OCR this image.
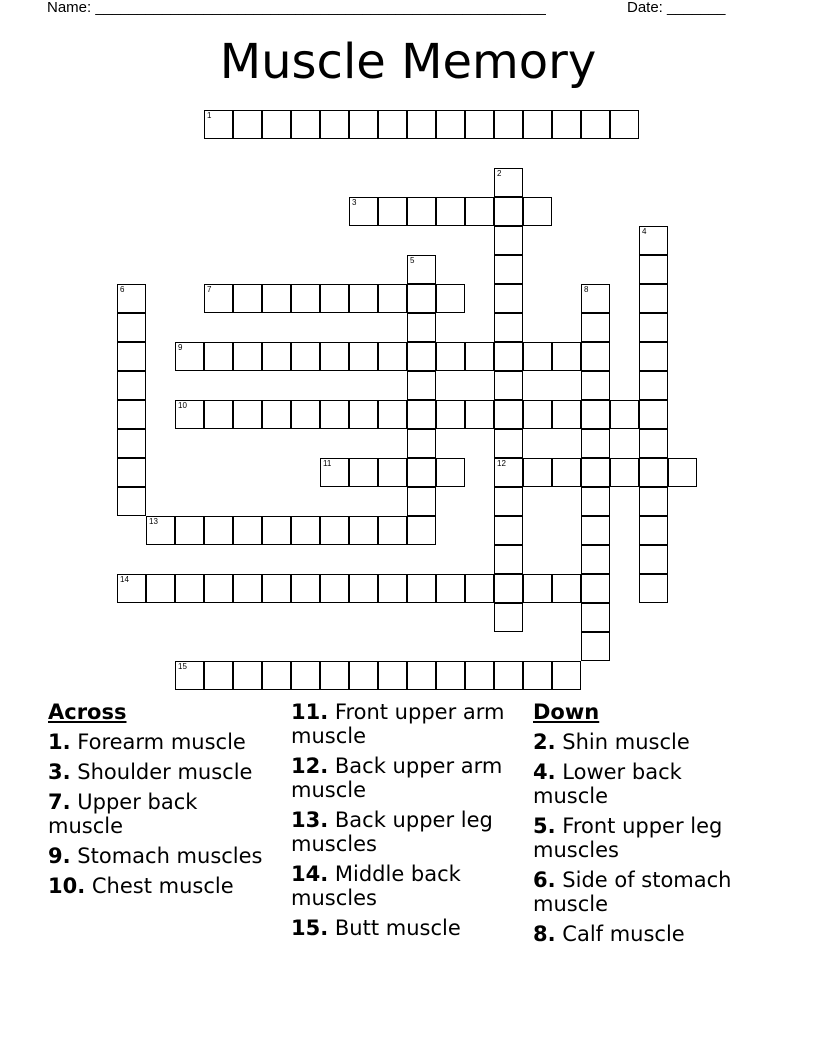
Name: ______________________________________________________	Date: _______
Muscle Memory
1
3
7
9
10
11	12
13
14
15
2
4
5
6	8
Across
1. Forearm muscle
3. Shoulder muscle
7. Upper back muscle
9. Stomach muscles
10. Chest muscle
11. Front upper arm muscle
12. Back upper arm muscle
13. Back upper leg muscles
14. Middle back muscles
15. Butt muscle
Down
2. Shin muscle
4. Lower back muscle
5. Front upper leg muscles
6. Side of stomach muscle
8. Calf muscle
